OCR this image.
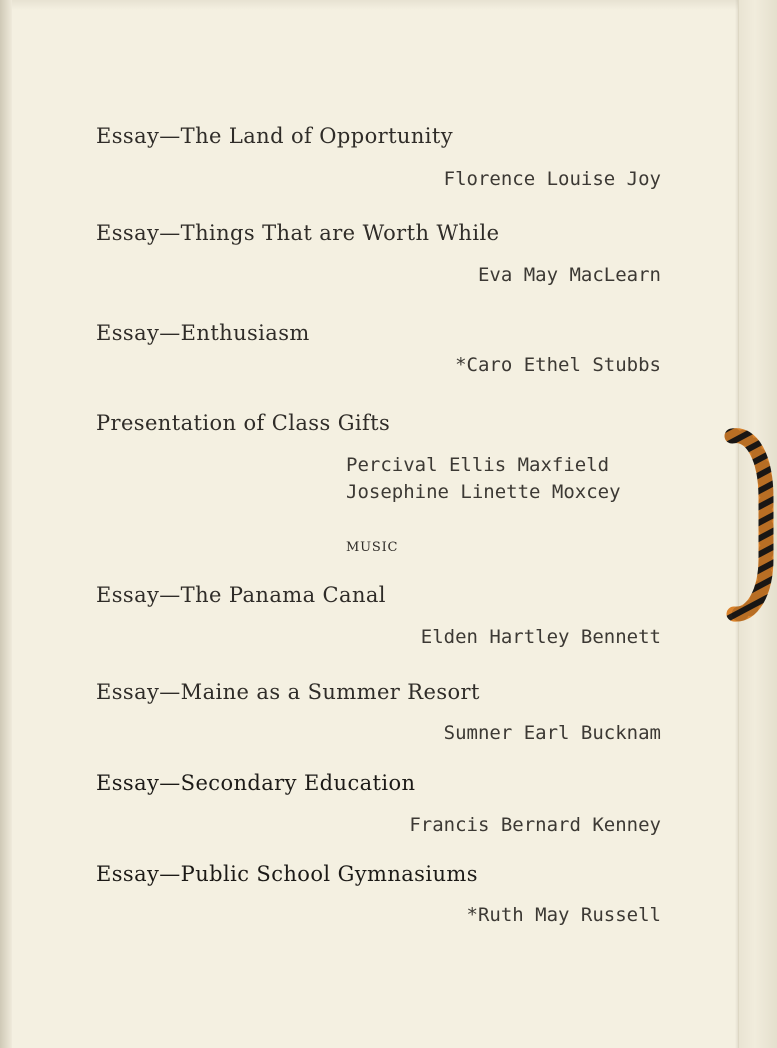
Essay—The Land of Opportunity
Florence Louise Joy
Essay—Things That are Worth While
Eva May MacLearn
Essay—Enthusiasm
*Caro Ethel Stubbs
Presentation of Class Gifts
Percival Ellis Maxfield
Josephine Linette Moxcey
MUSIC
Essay—The Panama Canal
Elden Hartley Bennett
Essay—Maine as a Summer Resort
Sumner Earl Bucknam
Essay—Secondary Education
Francis Bernard Kenney
Essay—Public School Gymnasiums
*Ruth May Russell
